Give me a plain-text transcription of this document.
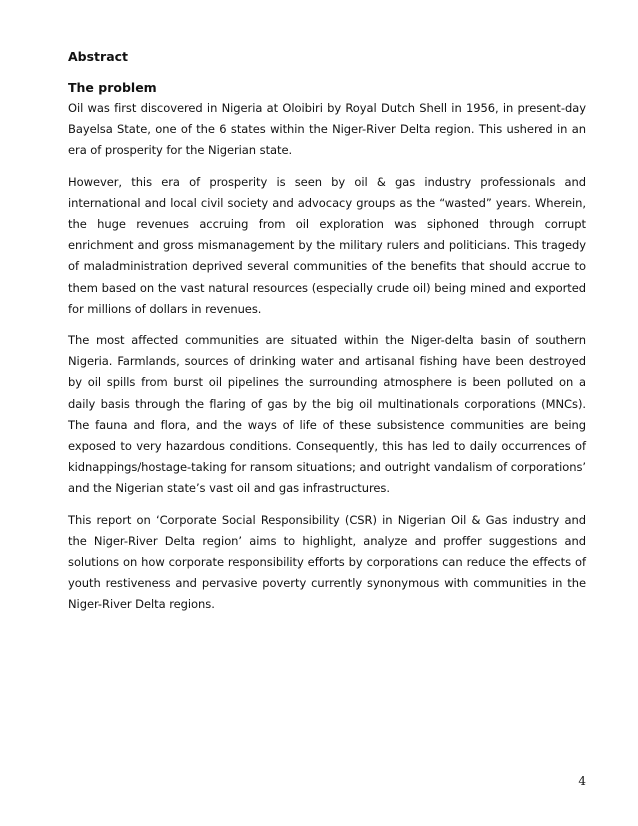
Abstract

The problem

Oil was first discovered in Nigeria at Oloibiri by Royal Dutch Shell in 1956, in present-day Bayelsa State, one of the 6 states within the Niger-River Delta region. This ushered in an era of prosperity for the Nigerian state.

However, this era of prosperity is seen by oil & gas industry professionals and international and local civil society and advocacy groups as the “wasted” years. Wherein, the huge revenues accruing from oil exploration was siphoned through corrupt enrichment and gross mismanagement by the military rulers and politicians. This tragedy of maladministration deprived several communities of the benefits that should accrue to them based on the vast natural resources (especially crude oil) being mined and exported for millions of dollars in revenues.

The most affected communities are situated within the Niger-delta basin of southern Nigeria. Farmlands, sources of drinking water and artisanal fishing have been destroyed by oil spills from burst oil pipelines the surrounding atmosphere is been polluted on a daily basis through the flaring of gas by the big oil multinationals corporations (MNCs). The fauna and flora, and the ways of life of these subsistence communities are being exposed to very hazardous conditions. Consequently, this has led to daily occurrences of kidnappings/hostage-taking for ransom situations; and outright vandalism of corporations’ and the Nigerian state’s vast oil and gas infrastructures.

This report on ‘Corporate Social Responsibility (CSR) in Nigerian Oil & Gas industry and the Niger-River Delta region’ aims to highlight, analyze and proffer suggestions and solutions on how corporate responsibility efforts by corporations can reduce the effects of youth restiveness and pervasive poverty currently synonymous with communities in the Niger-River Delta regions.

4
